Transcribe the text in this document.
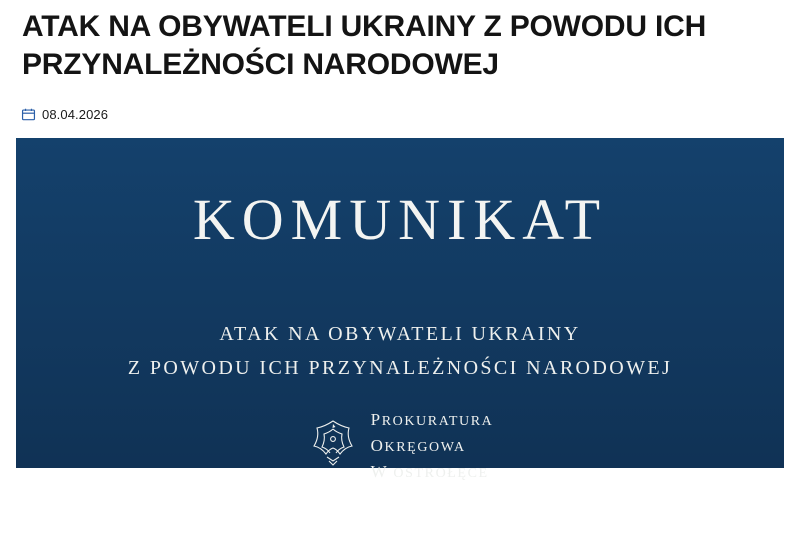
ATAK NA OBYWATELI UKRAINY Z POWODU ICH PRZYNALEŻNOŚCI NARODOWEJ
08.04.2026
KOMUNIKAT
ATAK NA OBYWATELI UKRAINY
Z POWODU ICH PRZYNALEŻNOŚCI NARODOWEJ
PROKURATURA
OKRĘGOWA
W OSTROŁĘCE
